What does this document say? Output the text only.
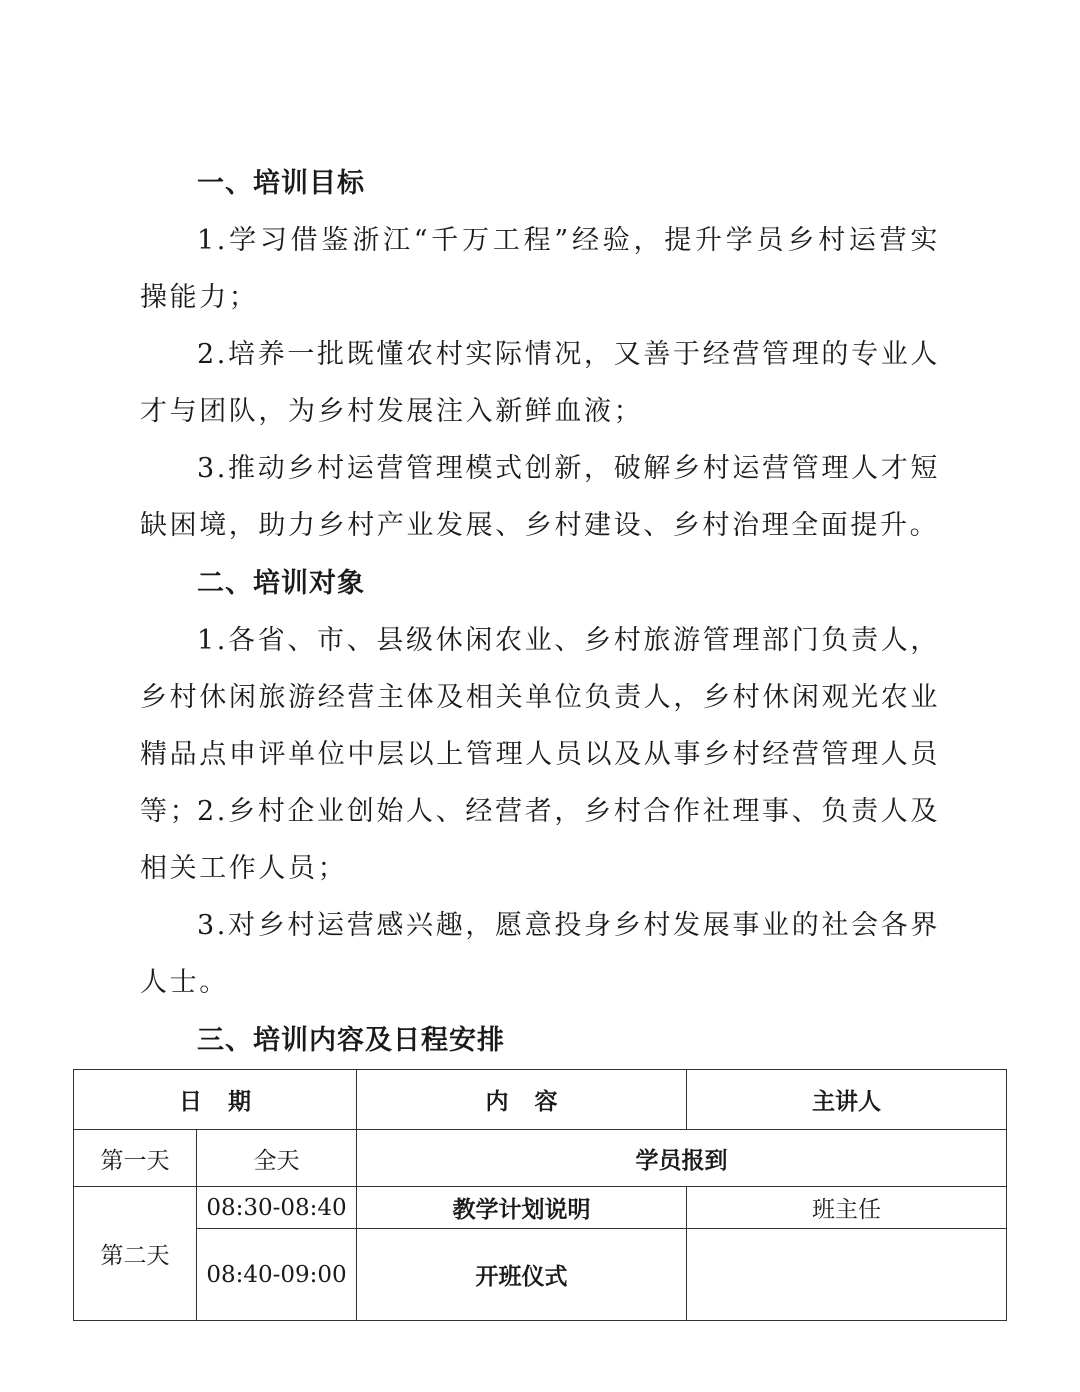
一、培训目标
1.学习借鉴浙江“千万工程”经验，提升学员乡村运营实操能力；
2.培养一批既懂农村实际情况，又善于经营管理的专业人才与团队，为乡村发展注入新鲜血液；
3.推动乡村运营管理模式创新，破解乡村运营管理人才短缺困境，助力乡村产业发展、乡村建设、乡村治理全面提升。
二、培训对象
1.各省、市、县级休闲农业、乡村旅游管理部门负责人，乡村休闲旅游经营主体及相关单位负责人，乡村休闲观光农业精品点申评单位中层以上管理人员以及从事乡村经营管理人员等；
2.乡村企业创始人、经营者，乡村合作社理事、负责人及相关工作人员；
3.对乡村运营感兴趣，愿意投身乡村发展事业的社会各界人士。
三、培训内容及日程安排
日期		内容	主讲人
第一天	全天	学员报到	
第二天	08:30-08:40	教学计划说明	班主任
	08:40-09:00	开班仪式	
